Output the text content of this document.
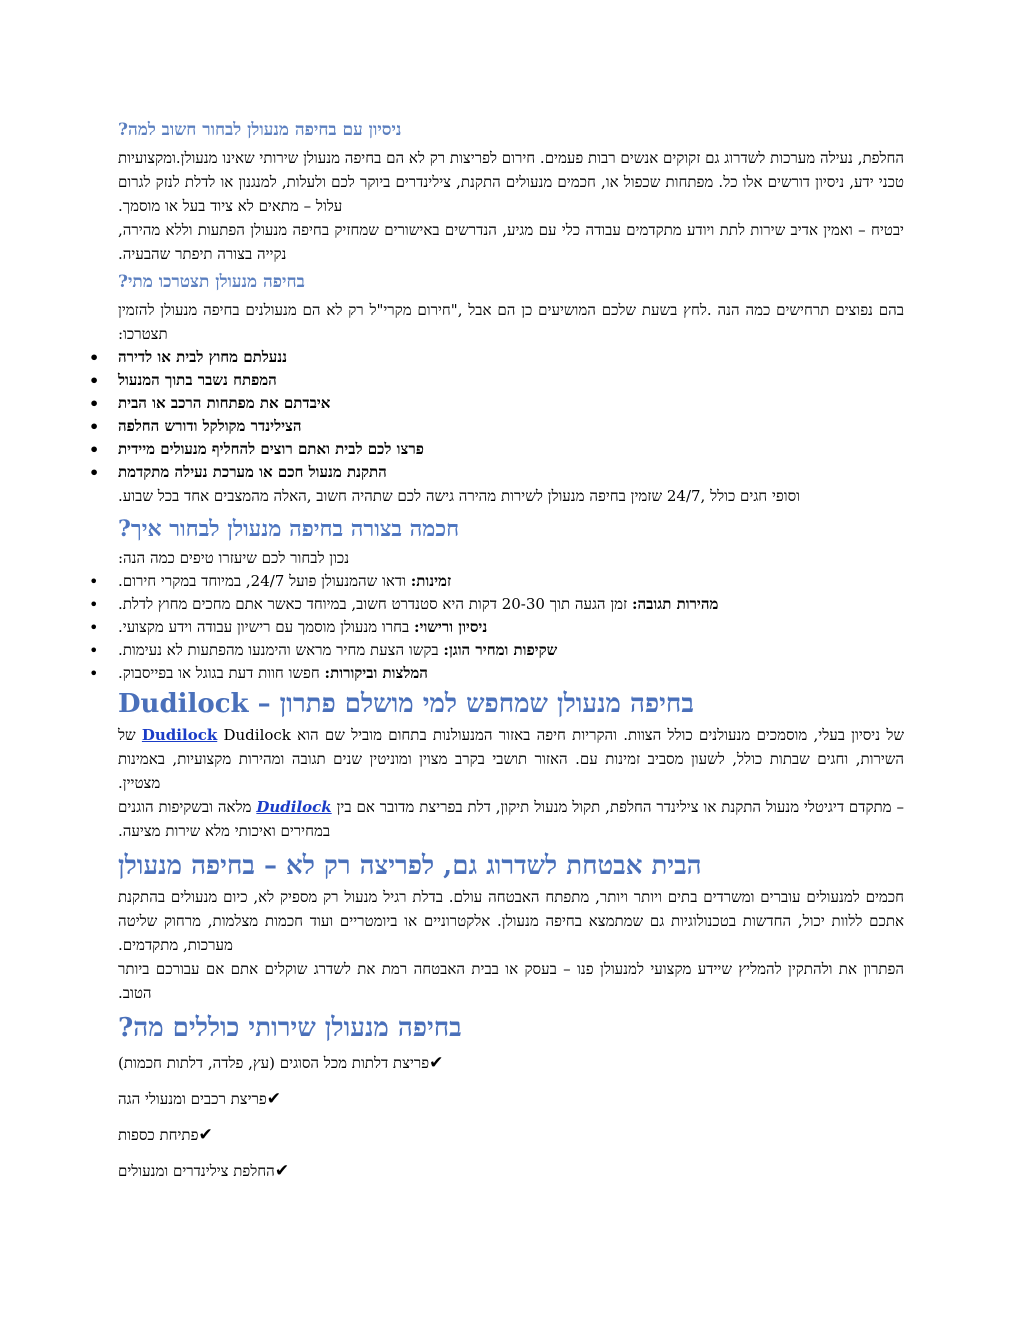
ניסיון עם בחיפה מנעולן לבחור חשוב למה?

החלפת, נעילה מערכות לשדרוג גם זקוקים אנשים רבות פעמים. חירום לפריצות רק לא הם בחיפה מנעולן שירותי שאינו מנעולן.ומקצועיות טכני ידע, ניסיון דורשים אלו כל. מפתחות שכפול או, חכמים מנעולים התקנת, צילינדרים ביוקר לכם ולעלות, למנגנון או לדלת לנזק לגרום עלול – מתאים לא ציוד בעל או מוסמך.

יבטיח – ואמין אדיב שירות לתת ויודע מתקדמים עבודה כלי עם מגיע, הנדרשים באישורים שמחזיק בחיפה מנעולן הפתעות וללא מהירה, נקייה בצורה תיפתר שהבעיה.

בחיפה מנעולן תצטרכו מתי?

בהם נפוצים תרחישים כמה הנה .לחץ בשעת שלכם המושיעים כן הם אבל ,"חירום מקרי"ל רק לא הם מנעולנים בחיפה מנעולן להזמין תצטרכו:

• ננעלתם מחוץ לבית או לדירה
• המפתח נשבר בתוך המנעול
• איבדתם את מפתחות הרכב או הבית
• הצילינדר מקולקל ודורש החלפה
• פרצו לכם לבית ואתם רוצים להחליף מנעולים מיידית
• התקנת מנעול חכם או מערכת נעילה מתקדמת

וסופי חגים כולל ,24/7 שזמין בחיפה מנעולן לשירות מהירה גישה לכם שתהיה חשוב ,האלה מהמצבים אחד בכל שבוע.

חכמה בצורה בחיפה מנעולן לבחור איך?

נכון לבחור לכם שיעזרו טיפים כמה הנה:

• זמינות: ודאו שהמנעולן פועל 24/7, במיוחד במקרי חירום.
• מהירות תגובה: זמן הגעה תוך 20-30 דקות היא סטנדרט חשוב, במיוחד כאשר אתם מחכים מחוץ לדלת.
• ניסיון ורישוי: בחרו מנעולן מוסמך עם רישיון עבודה וידע מקצועי.
• שקיפות ומחיר הוגן: בקשו הצעת מחיר מראש והימנעו מהפתעות לא נעימות.
• המלצות וביקורות: חפשו חוות דעת בגוגל או בפייסבוק.
בחיפה מנעולן שמחפש למי מושלם פתרון – Dudilock

של ניסיון בעלי, מוסמכים מנעולנים כולל הצוות. והקריות חיפה באזור המנעולנות בתחום מוביל שם הוא Dudilock Dudilock של השירות, וחגים שבתות כולל, לשעון מסביב זמינות עם. האזור תושבי בקרב מצוין ומוניטין שנים תגובה ומהירות מקצועיות, באמינות מצטיין.

– מתקדם דיגיטלי מנעול התקנת או צילינדר החלפת, תקול מנעול תיקון, דלת בפריצת מדובר אם בין Dudilock מלאה ובשקיפות הוגנים במחירים ואיכותי מלא שירות מציעה.

הבית אבטחת לשדרוג גם, לפריצה רק לא – בחיפה מנעולן

חכמים למנעולים עוברים ומשרדים בתים ויותר ויותר, מתפתח האבטחה עולם. בדלת רגיל מנעול רק מספיק לא, כיום מנעולים בהתקנת אתכם ללוות יכול, החדשות בטכנולוגיות גם שמתמצא בחיפה מנעולן. אלקטרוניים או ביומטריים ועוד חכמות מצלמות, מרחוק שליטה מערכות, מתקדמים.

הפתרון את ולהתקין להמליץ שיידע מקצועי למנעולן פנו – בעסק או בבית האבטחה רמת את לשדרג שוקלים אתם אם עבורכם ביותר הטוב.

בחיפה מנעולן שירותי כוללים מה?

✔פריצת דלתות מכל הסוגים (עץ, פלדה, דלתות חכמות)

✔פריצת רכבים ומנעולי הגה

✔פתיחת כספות

✔החלפת צילינדרים ומנעולים
